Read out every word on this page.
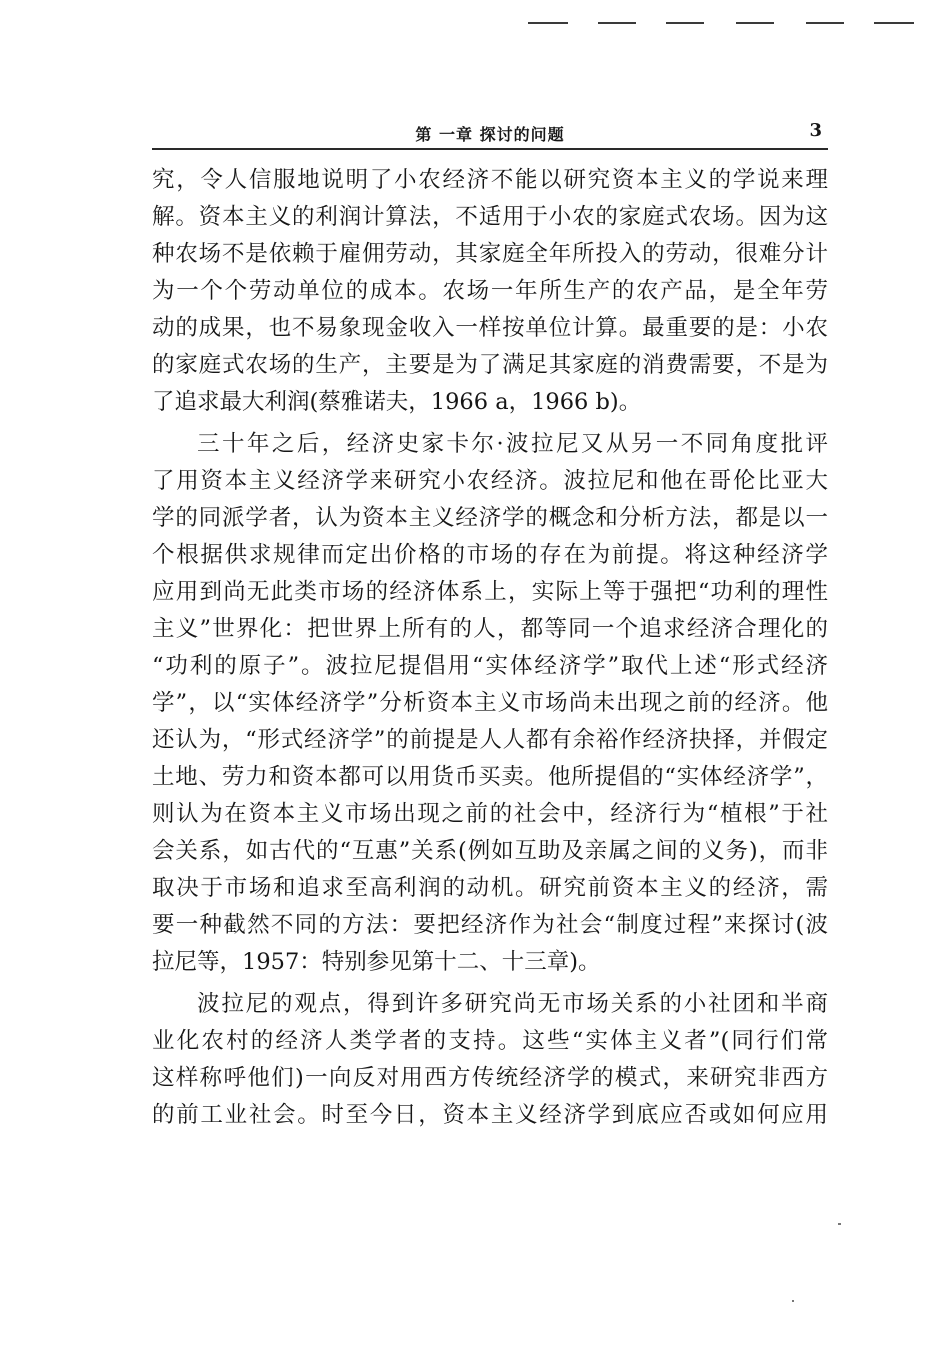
第 一章 探讨的问题	3
究，令人信服地说明了小农经济不能以研究资本主义的学说来理
解。资本主义的利润计算法，不适用于小农的家庭式农场。因为这
种农场不是依赖于雇佣劳动，其家庭全年所投入的劳动，很难分计
为一个个劳动单位的成本。农场一年所生产的农产品，是全年劳
动的成果，也不易象现金收入一样按单位计算。最重要的是：小农
的家庭式农场的生产，主要是为了满足其家庭的消费需要，不是为
了追求最大利润(蔡雅诺夫，1966 a，1966 b)。
三十年之后，经济史家卡尔·波拉尼又从另一不同角度批评
了用资本主义经济学来研究小农经济。波拉尼和他在哥伦比亚大
学的同派学者，认为资本主义经济学的概念和分析方法，都是以一
个根据供求规律而定出价格的市场的存在为前提。将这种经济学
应用到尚无此类市场的经济体系上，实际上等于强把“功利的理性
主义”世界化：把世界上所有的人，都等同一个追求经济合理化的
“功利的原子”。波拉尼提倡用“实体经济学”取代上述“形式经济
学”，以“实体经济学”分析资本主义市场尚未出现之前的经济。他
还认为，“形式经济学”的前提是人人都有余裕作经济抉择，并假定
土地、劳力和资本都可以用货币买卖。他所提倡的“实体经济学”，
则认为在资本主义市场出现之前的社会中，经济行为“植根”于社
会关系，如古代的“互惠”关系(例如互助及亲属之间的义务)，而非
取决于市场和追求至高利润的动机。研究前资本主义的经济，需
要一种截然不同的方法：要把经济作为社会“制度过程”来探讨(波
拉尼等，1957：特别参见第十二、十三章)。
波拉尼的观点，得到许多研究尚无市场关系的小社团和半商
业化农村的经济人类学者的支持。这些“实体主义者”(同行们常
这样称呼他们)一向反对用西方传统经济学的模式，来研究非西方
的前工业社会。时至今日，资本主义经济学到底应否或如何应用
